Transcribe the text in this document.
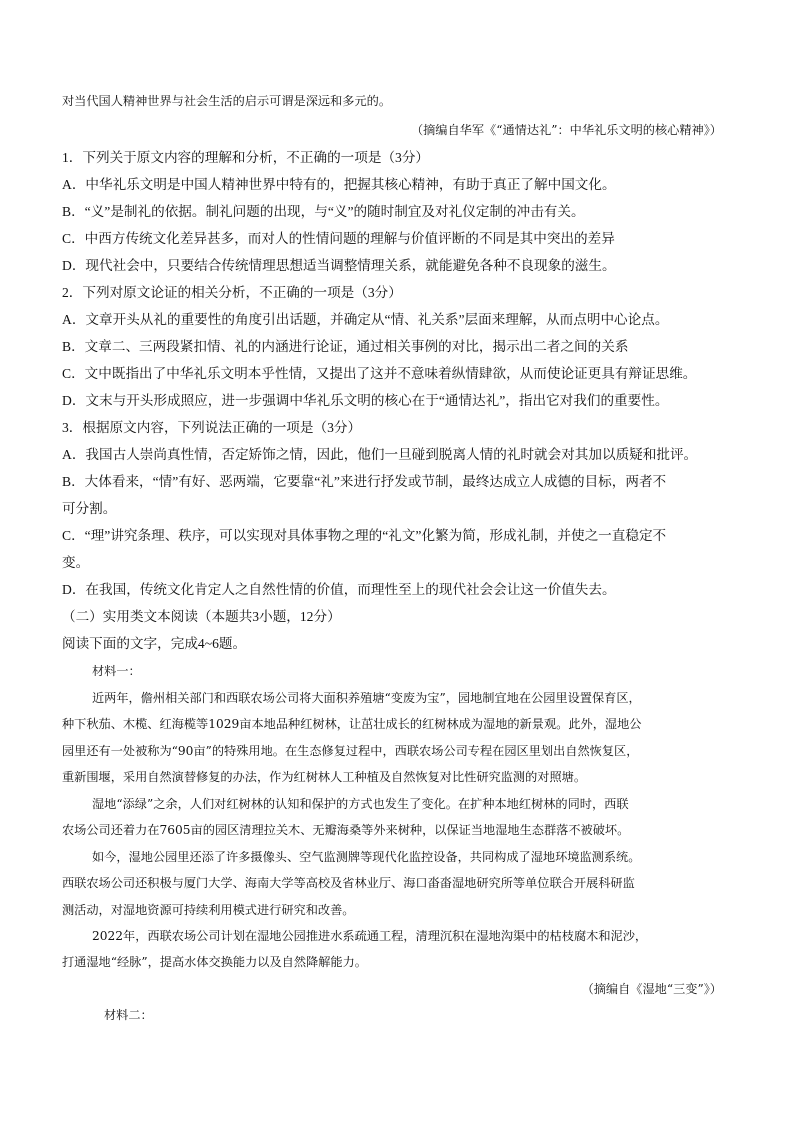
对当代国人精神世界与社会生活的启示可谓是深远和多元的。
（摘编自华军《“通情达礼”：中华礼乐文明的核心精神》）
1．下列关于原文内容的理解和分析，不正确的一项是（3分）
A．中华礼乐文明是中国人精神世界中特有的，把握其核心精神，有助于真正了解中国文化。
B．“义”是制礼的依据。制礼问题的出现，与“义”的随时制宜及对礼仪定制的冲击有关。
C．中西方传统文化差异甚多，而对人的性情问题的理解与价值评断的不同是其中突出的差异
D．现代社会中，只要结合传统情理思想适当调整情理关系，就能避免各种不良现象的滋生。
2．下列对原文论证的相关分析，不正确的一项是（3分）
A．文章开头从礼的重要性的角度引出话题，并确定从“情、礼关系”层面来理解，从而点明中心论点。
B．文章二、三两段紧扣情、礼的内涵进行论证，通过相关事例的对比，揭示出二者之间的关系
C．文中既指出了中华礼乐文明本乎性情，又提出了这并不意味着纵情肆欲，从而使论证更具有辩证思维。
D．文末与开头形成照应，进一步强调中华礼乐文明的核心在于“通情达礼”，指出它对我们的重要性。
3．根据原文内容，下列说法正确的一项是（3分）
A．我国古人崇尚真性情，否定矫饰之情，因此，他们一旦碰到脱离人情的礼时就会对其加以质疑和批评。
B．大体看来，“情”有好、恶两端，它要靠“礼”来进行抒发或节制，最终达成立人成德的目标，两者不
可分割。
C．“理”讲究条理、秩序，可以实现对具体事物之理的“礼文”化繁为简，形成礼制，并使之一直稳定不
变。
D．在我国，传统文化肯定人之自然性情的价值，而理性至上的现代社会会让这一价值失去。
（二）实用类文本阅读（本题共3小题，12分）
阅读下面的文字，完成4~6题。
材料一：
近两年，儋州相关部门和西联农场公司将大面积养殖塘“变废为宝”，园地制宜地在公园里设置保育区，
种下秋茄、木榄、红海榄等1029亩本地品种红树林，让茁壮成长的红树林成为湿地的新景观。此外，湿地公
园里还有一处被称为“90亩”的特殊用地。在生态修复过程中，西联农场公司专程在园区里划出自然恢复区，
重新围堰，采用自然演替修复的办法，作为红树林人工种植及自然恢复对比性研究监测的对照塘。
湿地“添绿”之余，人们对红树林的认知和保护的方式也发生了变化。在扩种本地红树林的同时，西联
农场公司还着力在7605亩的园区清理拉关木、无瓣海桑等外来树种，以保证当地湿地生态群落不被破坏。
如今，湿地公园里还添了许多摄像头、空气监测牌等现代化监控设备，共同构成了湿地环境监测系统。
西联农场公司还积极与厦门大学、海南大学等高校及省林业厅、海口畓畓湿地研究所等单位联合开展科研监
测活动，对湿地资源可持续利用模式进行研究和改善。
2022年，西联农场公司计划在湿地公园推进水系疏通工程，清理沉积在湿地沟渠中的枯枝腐木和泥沙，
打通湿地“经脉”，提高水体交换能力以及自然降解能力。
（摘编自《湿地“三变”》）
材料二：
